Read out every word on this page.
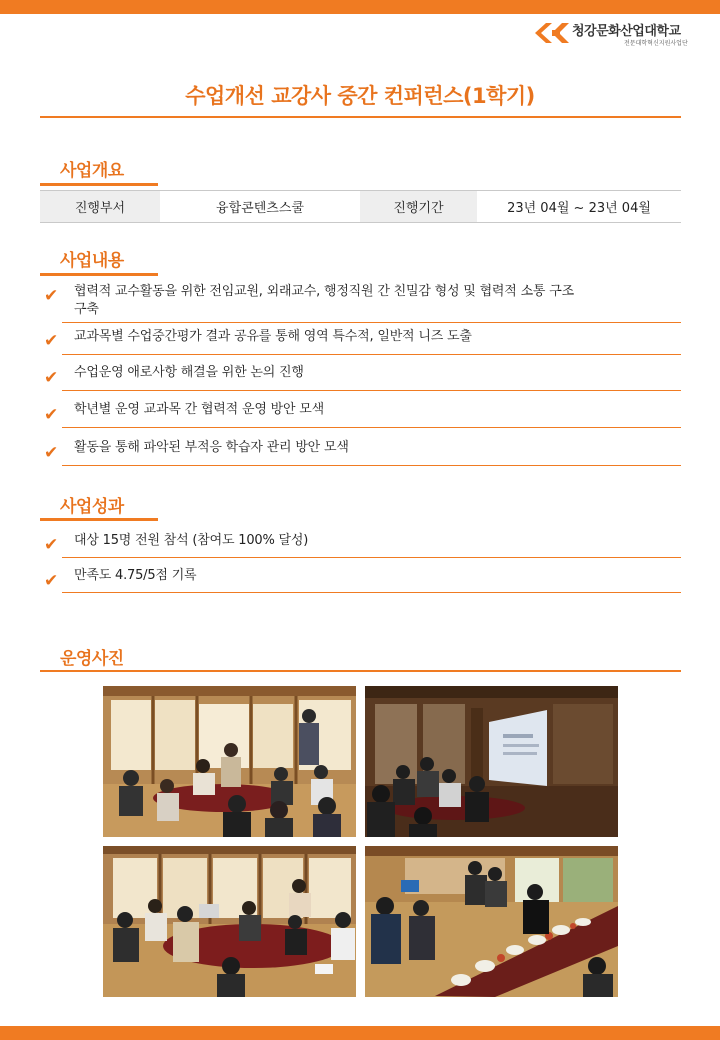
청강문화산업대학교
전문대학혁신지원사업단
수업개선 교강사 중간 컨퍼런스(1학기)
사업개요
진행부서	융합콘텐츠스쿨	진행기간	23년 04월 ~ 23년 04월
사업내용
✔ 협력적 교수활동을 위한 전임교원, 외래교수, 행정직원 간 친밀감 형성 및 협력적 소통 구조
구축
✔ 교과목별 수업중간평가 결과 공유를 통해 영역 특수적, 일반적 니즈 도출
✔ 수업운영 애로사항 해결을 위한 논의 진행
✔ 학년별 운영 교과목 간 협력적 운영 방안 모색
✔ 활동을 통해 파악된 부적응 학습자 관리 방안 모색
사업성과
✔ 대상 15명 전원 참석 (참여도 100% 달성)
✔ 만족도 4.75/5점 기록
운영사진
